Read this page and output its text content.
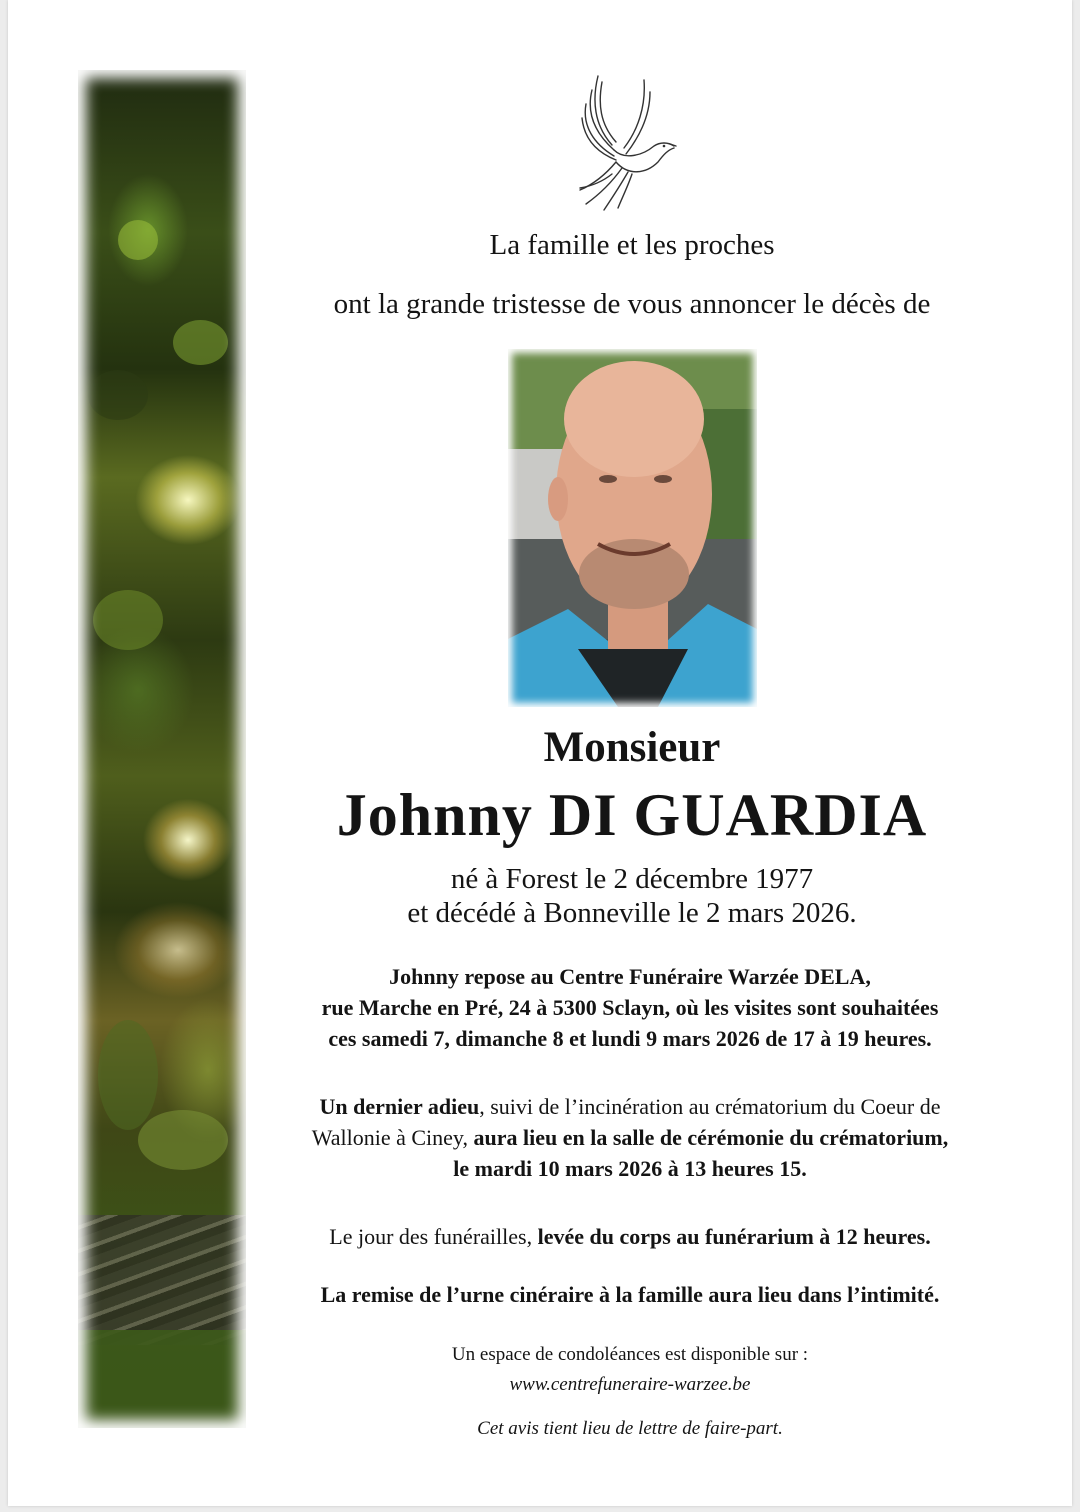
La famille et les proches
ont la grande tristesse de vous annoncer le décès de
Monsieur
Johnny DI GUARDIA
né à Forest le 2 décembre 1977
et décédé à Bonneville le 2 mars 2026.

Johnny repose au Centre Funéraire Warzée DELA,

rue Marche en Pré, 24 à 5300 Sclayn, où les visites sont souhaitées

ces samedi 7, dimanche 8 et lundi 9 mars 2026 de 17 à 19 heures.

Un dernier adieu, suivi de l’incinération au crématorium du Coeur de

Wallonie à Ciney, aura lieu en la salle de cérémonie du crématorium,

le mardi 10 mars 2026 à 13 heures 15.

Le jour des funérailles, levée du corps au funérarium à 12 heures.
La remise de l’urne cinéraire à la famille aura lieu dans l’intimité.

Un espace de condoléances est disponible sur :

www.centrefuneraire-warzee.be

Cet avis tient lieu de lettre de faire-part.
